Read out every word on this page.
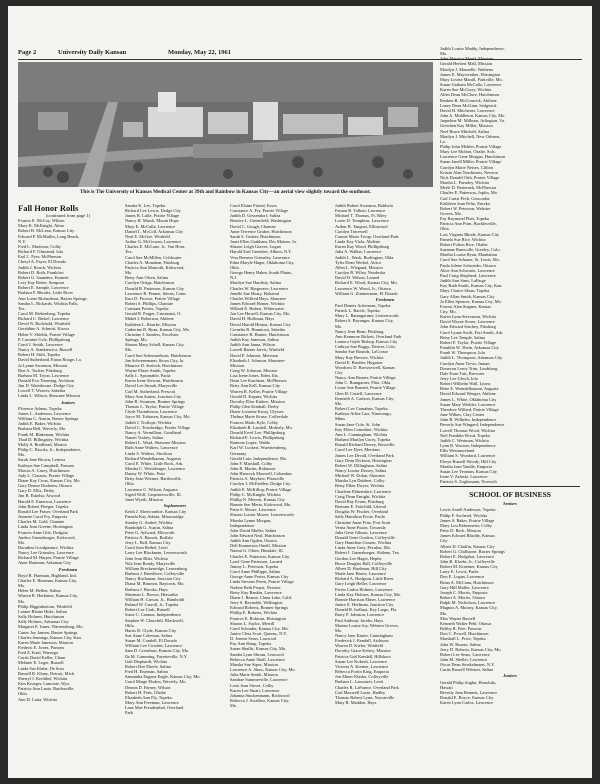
Page 2	University Daily Kansan	Monday, May 22, 1961
This is The University of Kansas Medical Center at 39th and Rainbow in Kansas City—an aerial view slightly toward the southeast.
Fall Honor Rolls
(continued from page 1)
Francis E. McCoy, Wilson
Mary K. McKnight, Alma
Robert B. McLean, Kansas City
Edward P. McMullin, Long Beach,
N.Y.
Fred L. Martenor, Colby
Richard F. Olmstead, Iola
Earl L. Pyer, McPherson
Cheryl A. Payer, El Dorado
Judith J. Roach, Wichita
Robert D. Roth, Frankfort
Robert G. Saunders, Emmett
Lory Kay Reiter, Simpson
Robert E. Sample, Lawrence
Barbara F. Rhodes, Little River
Ann Lorne Richardson, Baxter Springs
Sandra L. Rickards, Wichita Falls,
Tex.
Carol M. Riekenberg, Topeka
Richard C. Riekel, Lawrence
David N. Rockhold, Winfield
Geraldine A. Schmitt, Kiowa
Helen V. Shields, Prairie Village
P. Lorraine Cole, Phillipsburg
Carol J. Smith, Lawrence
Nancy A. Stankiewicz, Russell
Robert H. Stith, Topeka
David Sutherland, Eaton Rouge, La.
Jo Lynne Swanson, Mission
Bert A. Tucker, Pittsburg
Barbara M. Tryon, Lawrence
Donald Eva Thorning, Atchison
Jim D. Waterhouse, Dodge City
Lowell T. Weaver, Sabetha
Linda L. Wilson, Shawnee Mission
Juniors
Florence Adams, Topeka
James L. Anderson, Lawrence
William C. Austin, Baxter Springs
Judith E. Baker, Wichita
Barbara Bell, Waverly, Mo.
Frank M. Blakeman, Wichita
Thad D. Billingsley, Wichita
Molly S. Brodhead, Marion
Philip C. Brooks, Jr., Independence,
Mo.
Sarah Jane Brown, Lenexa
Kathryn Sue Campbell, Parsons
Marcia A. Casey, Hutchinson
Judy L. Clausen, Prairie Village
Diane Kay Cross, Kansas City, Mo.
Gary Denise Durheim, Ottawa
Gary D. Ellis, Derby
Jim B. Eskelsa, Atwood
Harold E. Emerson, Lawrence
John Robert Fleeger, Topeka
Ronald Lee Fraser, Overland Park
Jeanette Carol Fry, Emporia
Charles M. Gold, Chanute
Linda Jean Greene, Hoisington
Frances Anne Gile, Dodgaio
Anders Guenzburger, Kirkwood,
Mo.
Dorathea Goodpasture, Wichita
Nancy Lee Grimsley, Lawrence
Richard M. Harper, Prairie Village
Anne Hartman, Arkansas City
Freshmen
Boyd R. Hartman, Highland, Ind.
Charles E. Hartman, Kansas City,
Mo.
Helen M. Hellen, Salina
Warren R. Herkimer, Kansas City,
Mo.
Philip Higginbottom, Winfield
Lanner Blaine Hoke, Salina
Sally Holmes, Hutchinson
Sally Holmes, Arkansas City
Margaret E. Innes, Warrensburg, Mo.
Carter Joy Jansen, Baxter Springs
Charles Jennings, Kansas City, Kan.
Karen Marie Jameson, Mission
Frederic E. Jones, Parsons
Fred Z. Kaul, Wamego
Curtis David Keller, Chase
Melanie E. Leger, Russell
Linda Sue Klabe, De Soto
Russell B. Kluny, Detroit, Mich.
Sherryl J. Kreihbel, Wichita
Kim Krueger, Lamonte, Wyo.
Patricia Ann Lantz, Bartlesville,
Okla.
Ann D. Latta, Wichita
Sandra K. Lee, Topeka
Richard Lee Lewis, Dodge City
James R. Little, Prairie Village
Nancy H. Marsh, Mount Hope
Mary E. McCalla, Lawrence
Daniel L. McColl, Arkansas City
Neal E. McGee, Winfield
Arthur G. McGowan, Lawrence
Charles E. McLane, Jr., Van Horn,
Tex.
Carol Sue McMillen, Coldwater
Charles A. Monahan, Pittsburg
Patricia Ann Monroth, Kirkwood,
Mo.
Betsy Ann Olsen, Salina
Carolyn Ortiga, Hutchinson
Donald R. Patterson, Kansas City
Lawrence R. Penner, Sterns, Conn.
Kurt D. Proctor, Prairie Village
Robert S. Phillips, Chanute
Constant Poirier, Topeka
Gerald R. Prager, Cincinnati, O.
Mabel I. Roberson, Abilene
Kathleen L. Rourke, Mission
Catherine B. Ryan, Kansas City, Mo.
Christine J. Sanders, Excelsior
Springs, Mo.
Sharon Mary Schell, Kansas City,
Mo.
Carol Sue Schermerhorn, Hutchinson
Jan Schoenemann, Sioux City, Ia.
Maurice D. Sealock, Hutchinson
Wayne Elmer Smith, Topeka
Sally L. Spoonable, Paola
Karen Irene Stewart, Hutchinson
David Lee Straub, Marysville
Carl M. Sutherland, Prescott
Mary Ann Sutton, Junction City
John B. Swanson, Bonner Springs
Thomas L. Taylor, Prairie Village
Clyde Thomlinson, Lawrence
Joyce M. Tobiasen, Kansas City, Mo.
Judith J. Trollope, Wichita
David C. Trowbridge, Prairie Village
Nancy A. Vermillion, Goodland
Nanett Vodrey, Salina
Robert L. Ward, Shawnee Mission
Ruth Anne Walters, Lawrence
Linda S. Walters, Stockton
Richard Wendelkamm, Augusta
Carol E. White, Little Rock, Ark.
Marsha C. Wertzberger, Lawrence
Danny W. White, Pratt
Betty Jean Wiemer, Bartlesville,
Okla.
Lawrence C. Wilson, Augusta
Sigrid Wolf, Carpentersville, Ill.
Janet Wyeth, Mission
Sophomores
Keith J. Abercrombie, Kansas City
Pamela Kay Adrian, Missouridge
Stanley G. Andrel, Wichita
Randolph G. Austin, Salina
Peter G. Aylward, Ellsworth
Patricia A. Bassett, Buffalo
Jerry L. Bell, Kansas City
Carol Jean Bethel, Leoti
Larry Lee Blackman, Leavenworth
John Ivan Blair, Wichita
Nila Jean Bondy, Marysville
William Breckenridge, Leavenburg
Barbara J. Breedlove, Coffeyville
Nancy Buchanan, Junction City
Diana M. Brunton, Raytown, Mo.
Barbara J. Brooks, Hays
Sherman L. Brown, Hiawatha
William H. Carson, Jr., Humboldt
Roland W. Carroll, Jr., Topeka
Robert Lee Cash, Russell
Susie C. Cannon, Independence
Stephen W. Churchill, Blackwell,
Okla.
Harris R. Clyde, Kansas City
Sue Anne Coleman, Salina
Susan M. Condell, El Dorado
William Lee Cowden, Lawrence
Sam D. Crenshaw, Kansas City, Mo.
Ila M. Cumming, Fayetteville, N.Y.
Gail Diephardt, Wichita
Robert Dee Eberle, Salina
Fred H. Eiseman, Salina
Samantha Eugene Engle, Kansas City, Mo.
Carol Marge Elsdon, Waverly, Mo.
Dennis D. Farney, Wilson
Robert H. Fetts, Olathe
Elizabeth Ann Fly, Topeka
Mary Ann Freeman, Lawrence
Lane Mae Freudenthal, Overland
Park
Carol Elaine Friend, Essex
Constance A. Fry, Prairie Village
Judith D. Gessendorf, Salina
Bernice L. Greenfield, Washington
David C. Gough, Chanute
Anne Terrence Gruber, Hutchinson
Sarah S. Gruber, Hutchinson
Janet Ellen Grabham, Des Moines, Ia.
Sharon Leigh Graves, Logan
Harold Earl Greenlee, Albion, N.Y.
Vera Bernese Grimsley, Lawrence
Edna Maryle Hager, Oklahoma City,
Okla.
George Henry Hahm, South Plains,
N.J.
Marilyn Sue Hardisty, Salina
Charles W. Hargreave, Lawrence
Janelle Sue Hoaty, Halstead
Charles Wilfred Hays, Shawnee
James Edward Homer, Wichita
Willard E. Hubert, Whitewater
Jon Lee Howell, Kansas City, Mo.
David H. Huffman, Hays
David Harold Hinton, Kansas City
Cornelia R. Hunnicutt, Sabetha
Constance R. Hunter, Hutchinson
Judith Kay Jameson, Salina
Judith Ann Janna, Wilson
Lowell Rainer Jarvis, Winfield
David P. Johnson, Merriam
Elizabeth J. Johnson, Shawnee-
Mission
Craig W. Johnson, Mission
Lisa Irene Jones, Eden, Ida.
Dean Lee Kaufman, McPherson
Betty Ann Kell, Kansas City
Warren R. Keller, Prairie Village
Gerald D. Kepner, Wichita
Dorothy Elise Kinkee, Mission
Philip Glen Kimball, Derby
Diane Lorraine Kruaj, Ulysses
Thelma Marie Kruse, Coffeedale
Frances Marlo Kyle, Colby
Elizabeth R. Landoll, Moberly, Mo.
Donald Ervel Lee, Phillipsburg
Richard E. Lewis, Phillipsburg
Ramona Lopez, Waldo
Karl W. Luckert, Wuerttemberg,
Germany
Gerald Lutz, Independence, Mo.
John F. Marshall, Colby
John R. Martin, Robinson
John Hancock Maxwell, Columbus
Patricia A. Mayhew, Pleasville
Carolyn J. McFadden, Dodge City
Judith E. McKillop, Prairie Village
Philip C. McKnight, Wichita
Phillip N. Merrett, Kansas City
Bonnie Sue Mertz, Kirkwood, Mo.
Petra S. Moore, Lawrence
Sharon Louise Moore, Leavenworth
Marsha Lynne Morgan,
Independence
John David Muller, Salina
John Edward Neal, Hutchinson
Judith Ann Ogden, Ottawa
Dell Emmerson Oneill, Mission
Naomi G. Olsen, Hinsdale, Ill.
Charles E. Patterson, Kansas City
Larol Gene Patterson, Larned
Jimmy L. Peterson, Topeka
Carol Anne Phillipps, Salina
George Anne Porter, Kansas City
Linda Stevens Preen, Prairie Village
Nadine Beth Propst, Newton
Betsy Kay Rankin, Lawrence
Diane J. Reame, China Lake, Calif.
Jerry S. Reynolds, Wellington
Edward Roberts, Bonner Springs
Phillip E. Roberts, Wichita
Frances E. Robison, Hoisington
Sharon L. Saylor, Merrill
Carol Schrader, Kansas City, Mo.
Janice Cleta Scott, Queens, N.Y.
D. Jeneen Sears, Lawrood
Fay Ann Sharp, Topeka
Susan Shaffir, Kansas City, Mo.
Sandra Lynn Shrum, Leawood
Rebecca Anne Shull, Lawrence
Marsha Sue Sipes, Mission
Lawrence A. Shaw, Kansas City, Mo.
Julia Marie Smith, Mission
Sandrae Summerville, Lawrence
Loris Jean Stover, Colby
Karen Lee Stuart, Lawrence
Johanna Stuckenmann, Richwood
Rebecca J. Swallow, Kansas City,
Mo.
Judith Robert Swanson, Baldwin
Fenton R. Talbott, Lawrence
Michael T. Thomas, Ft. Riley
Loren D. Tompkins, Lawrence
Arthur B. Tanguet, Ellinwood
Carolyn Tracewell
Connie Marie Troup, Overland Park
Linda Kay Viola, Abilene
Karen Kay Wood, Phillipsburg
Julia A. Walker, Lawrence
Judith L. Wash, Burlington, Okla.
Tyler Dean Werkel, Attica
Allen L. Wiegand, Mission
Carolyn R. Wiley, Neodesha
David D. Wilson, Larned
Richard E. Wood, Kansas City, Mo.
Lawrence W. Wood, Jr., Ottawa
William G. Zimmerman, El Dorado
Freshmen
Paul Dennis Ackerman, Topeka
Patrick L. Bacile, Topeka
Mary L. Baumgartner, Leavenworth
Robert S. Bayanger, Kansas City,
Mo.
Nancy Jean Bean, Pittsburg
Ann Kenmore Bickett, Overland Park
Lamora Gayle Bishop, Kansas City
Cathryn Sue Boggs, Denver, Colo.
Sandra Sue Bounds, LaCrosse
Mary Kay Bressee, Wichita
David E. Brodier, Hugoton
Woodrow D. Brownewell, Kansas
City
Nancy Ann Bruner, Prairie Village
John C. Bumgarner, Pitta, Okla.
Leone Sue Burnett, Prairie Village
Glen H. Castell, Lawrence
Kenneth A. Carlson, Kansas City,
Mo.
Robert Lee Carnahan, Topeka
Kathryn Arlita Carr, Nimesargo,
Minn.
Susan Jane Cole, St. John
Kay Ellen Comedaer, Wichita
Ann L. Cunningham, Wichita
Barbara Marilyn Curry, Topeka
Ronald Richard Dewey, Rossville
Carol Lee Dyer, Merriam
James Lee Devall, Overland Park
Gary Dean Dickson, Hoisington
Robert W. Dillingham, Salina
Nancy Louise Dorsey, Salina
Michael W. Dolan, Shawnee
Marsha Lyn Dubbert, Colby
Betsy Ellen Dwyer, Wichita
Charlene Ebbenshire, Lawrence
Craig Dean Enright, Wichita
David Ray Evans, Pittsburg
Bertram E. Fairchild, Liberal
Douglas W. Fischer, Overland
Sally Hamilton Foote, Paola
Christine Anne Fritz, Fort Scott
Verna Anne Fuson, Towanda
Julia Gene Gibson, Lawrence
Donald Gene Gordon, Coffeyville
Gary Hamilton Gossen, Wichita
Linda Anne Grey, Peculiar, Mo.
Robert I. Guenzburger, Abilene, Tex.
Gordon Lee Hager, Hepler
Bruce Douglas Hall, Coffeyville
Albert D. Hardman, Hill City
Marla Jane Harris, Lawrence
Richard A. Hodgson, Little River
Gary Leigh Heller, Lawrence
Ferrin Carlos Holmes, Lawrence
Linda Kay Holmes, Kansas City, Mo.
Bonnie Harrison Elmer, Lawrence
Janice E. Hoffman, Junction City
Donald R. Iselhart, Key Largo, Fla.
Barry F. Johnson, Lawrence
Paul Anthony Jacobs, Hays
Marian Louise Joy, Webster Groves,
Mo.
Nancy Jane Kaster, Cunningham
Frederick J. Kendall, Atchison
Warren D. Kiefer, Winfield
Dorothy Grace Kelsey, Mission
Patricia Gail Kendall, Hillsboro
Susan Lee Kokesh, Lawrence
Victoria A. Kremer, Lawrence
Rebecca Fortin King, Emporia
Jon Elmer Klaske, Coffeyville
Barbara L. Lancaster, Leoti
Charles R. LaFrance, Overland Park
Carl Maxwell Lasse, Hadley
Thomas Robert Lynn, Norcatville
Mary R. Madden, Hays
Judith Louise Maddy, Independence,
Mo.
John Maurice Mauff, Merriam
Gerald Herbert Mall, Mission
Marilyn J. Mauzelle, Wathena
James E. Mayweather, Hoisington
Mary Louise Marall, Parkville, Mo.
Susan Graham McCalla, Lawrence
Karen Sue McCurry, Wichita
Allen Dean McClure, Hutchinson
Reuben B. McCormick, Abilene
Laney Dean McGinn, Sedgwick
David H. Mitchener, Lawrence
John A. Middleton, Kansas City, Mo.
Jaqueline M. Milburn, Arlington, Va.
Gretchen Kay Millet, Mission
Neel Bruce Mitchell, Salina
Marilyn J. Mitchell, New Orleans,
La.
Philip John Mohler, Prairie Village
Mary Lee Molton, Ozalie, Sols.
Lawrence Gene Morgan, Hutchinson
Susan Janell Miller, Prairie Village
Carolyn Marie Neises, Clifton
Kristin Alan Nordstrom, Newton
Nick Donald Orth, Prairie Village
Martha L. Parmley, Wichita
Merle D. Pasternek, McPherson
Charles E. Patterson, Joplin, Mo.
Carl Curtis Peck, Concordia
Kathleen Joan Pelto, Eureka
Robert W. Peterson, Webster
Groves, Mo.
Fay Raymond Platt, Topeka
Patricia Ann Prim, Bucklesville,
Okla.
Lois Virginia Rhode, Kansas City
Pamela Sue Rice, Wichita
Robert Fulton Rice, Olathe
Suzanne Rumcolle, Greeley, Colo.
Martha Louise Ryan, Manhattan
Carol Sue Schauer, St. Louis, Mo.
Paula Jolene Schroeder, Ottawa
Alice Ann Schwartz, Lawrence
Paul Craig Shepherd, Lawrence
Judith Ann Sims, LaFarge
Kay Ruth Smith, Kansas City, Kan.
Mary Clarice Sloan, Topeka
Gary Allan Smith, Kansas City
Jo Ellen Spencer, Kansas City, Mo.
Forrest Alan Stagner, Kansas
City, Mo.
Karen Lynn Stevenson, Wichita
David Wayne Storer, Lawrence
John Edward Stuckey, Pittsburg
Carol Lynne Swift, Fort Smith, Ark.
Betsy Lee Temple, Salina
Robert F. Taylor, Prairie Village
Franklin W. Thein, Arkansas City
Frank W. Thompson, Iola
Judith L. Thompson, Arkansas City
Carolyn Anne Tiews, Inman
Donavon Leroy Trim, Lindsborg
Dale Evan Tutt, Brewster
Jerry Lee Ulrich, Iola
Robert Wilhelm Wall, Lyons
Bette E. Weindelhausen, Augusta
David Edward Wenger, Abilene
James L. White, Oklahoma City
Susan Mary Wiehler, Lawrence
Theodore Willard, Prairie Village
Jane Wilkes, Clay Center
John B. Wilhelm, Independence
Beverly Sue Wingard, Independence
Lowell Thomas Wood, Wichita
Neil Franklin Wood, Topeka
Judith C. Wertman, Wichita
Lynn R. Wurster, Independence
Ellis Westmoreland
William S. Woodard, Lawrence
Elwyn Russell Woody, Hill City
Martha Jean Yandle, Emporia
Susan Lee Yeoman, Kansas City
Irene V. Zaluski, Lawrence
Patricia S. Zoglemann, Norwich
SCHOOL OF BUSINESS
Seniors
Lewis Axtell Anderson, Topeka
Philip F. Ascherel, Wichita
James S. Baker, Prairie Village
Mary Lou Bebermeier, Colby
Peter D. Beck, Mission
James Edward Blachly, Kansas
City
Albert D. Chaffin, Kansas City
Robert G. Chillstone, Baxter Springs
Robert E. Hodgdon, Lawrence
John B. Kloehr, Jr., Coffeyville
Robert M. Kraemer, Kansas City
Larry E. Lewis, Paola
Don E. Logan, Lawrence
Brian A. McCann, Hutchinson
Gary Hill Maller, Lawrence
Joseph C. Morris, Emporia
Robert A. Morris, Ottawa
Ralph M. Nicholson, Lawrence
Magnus A. Murray, Kansas City,
Mo.
Max Wayne Russell
Kenneth Walter Pehl, Ottawa
Bobby R. Pete, Parsons
Don C. Powell, Hutchinson
Marshall L. Price, Topeka
John W. Reazin, Salina
Jerry D. Roberts, Kansas City, Mo.
Robert Lee Sears, Lawrence
John M. Sheller, Lawrence
Oscar Dean Stoekelmann, N.Y.
Curtis Russell Webster, Salina
Juniors
Gerald Philip Aughn, Honolulu,
Hawaii
Beverly Jean Bennett, Lawrence
Ronald E. Boyce, Kansas City
Karen Lynn Carlos, Lawrence
